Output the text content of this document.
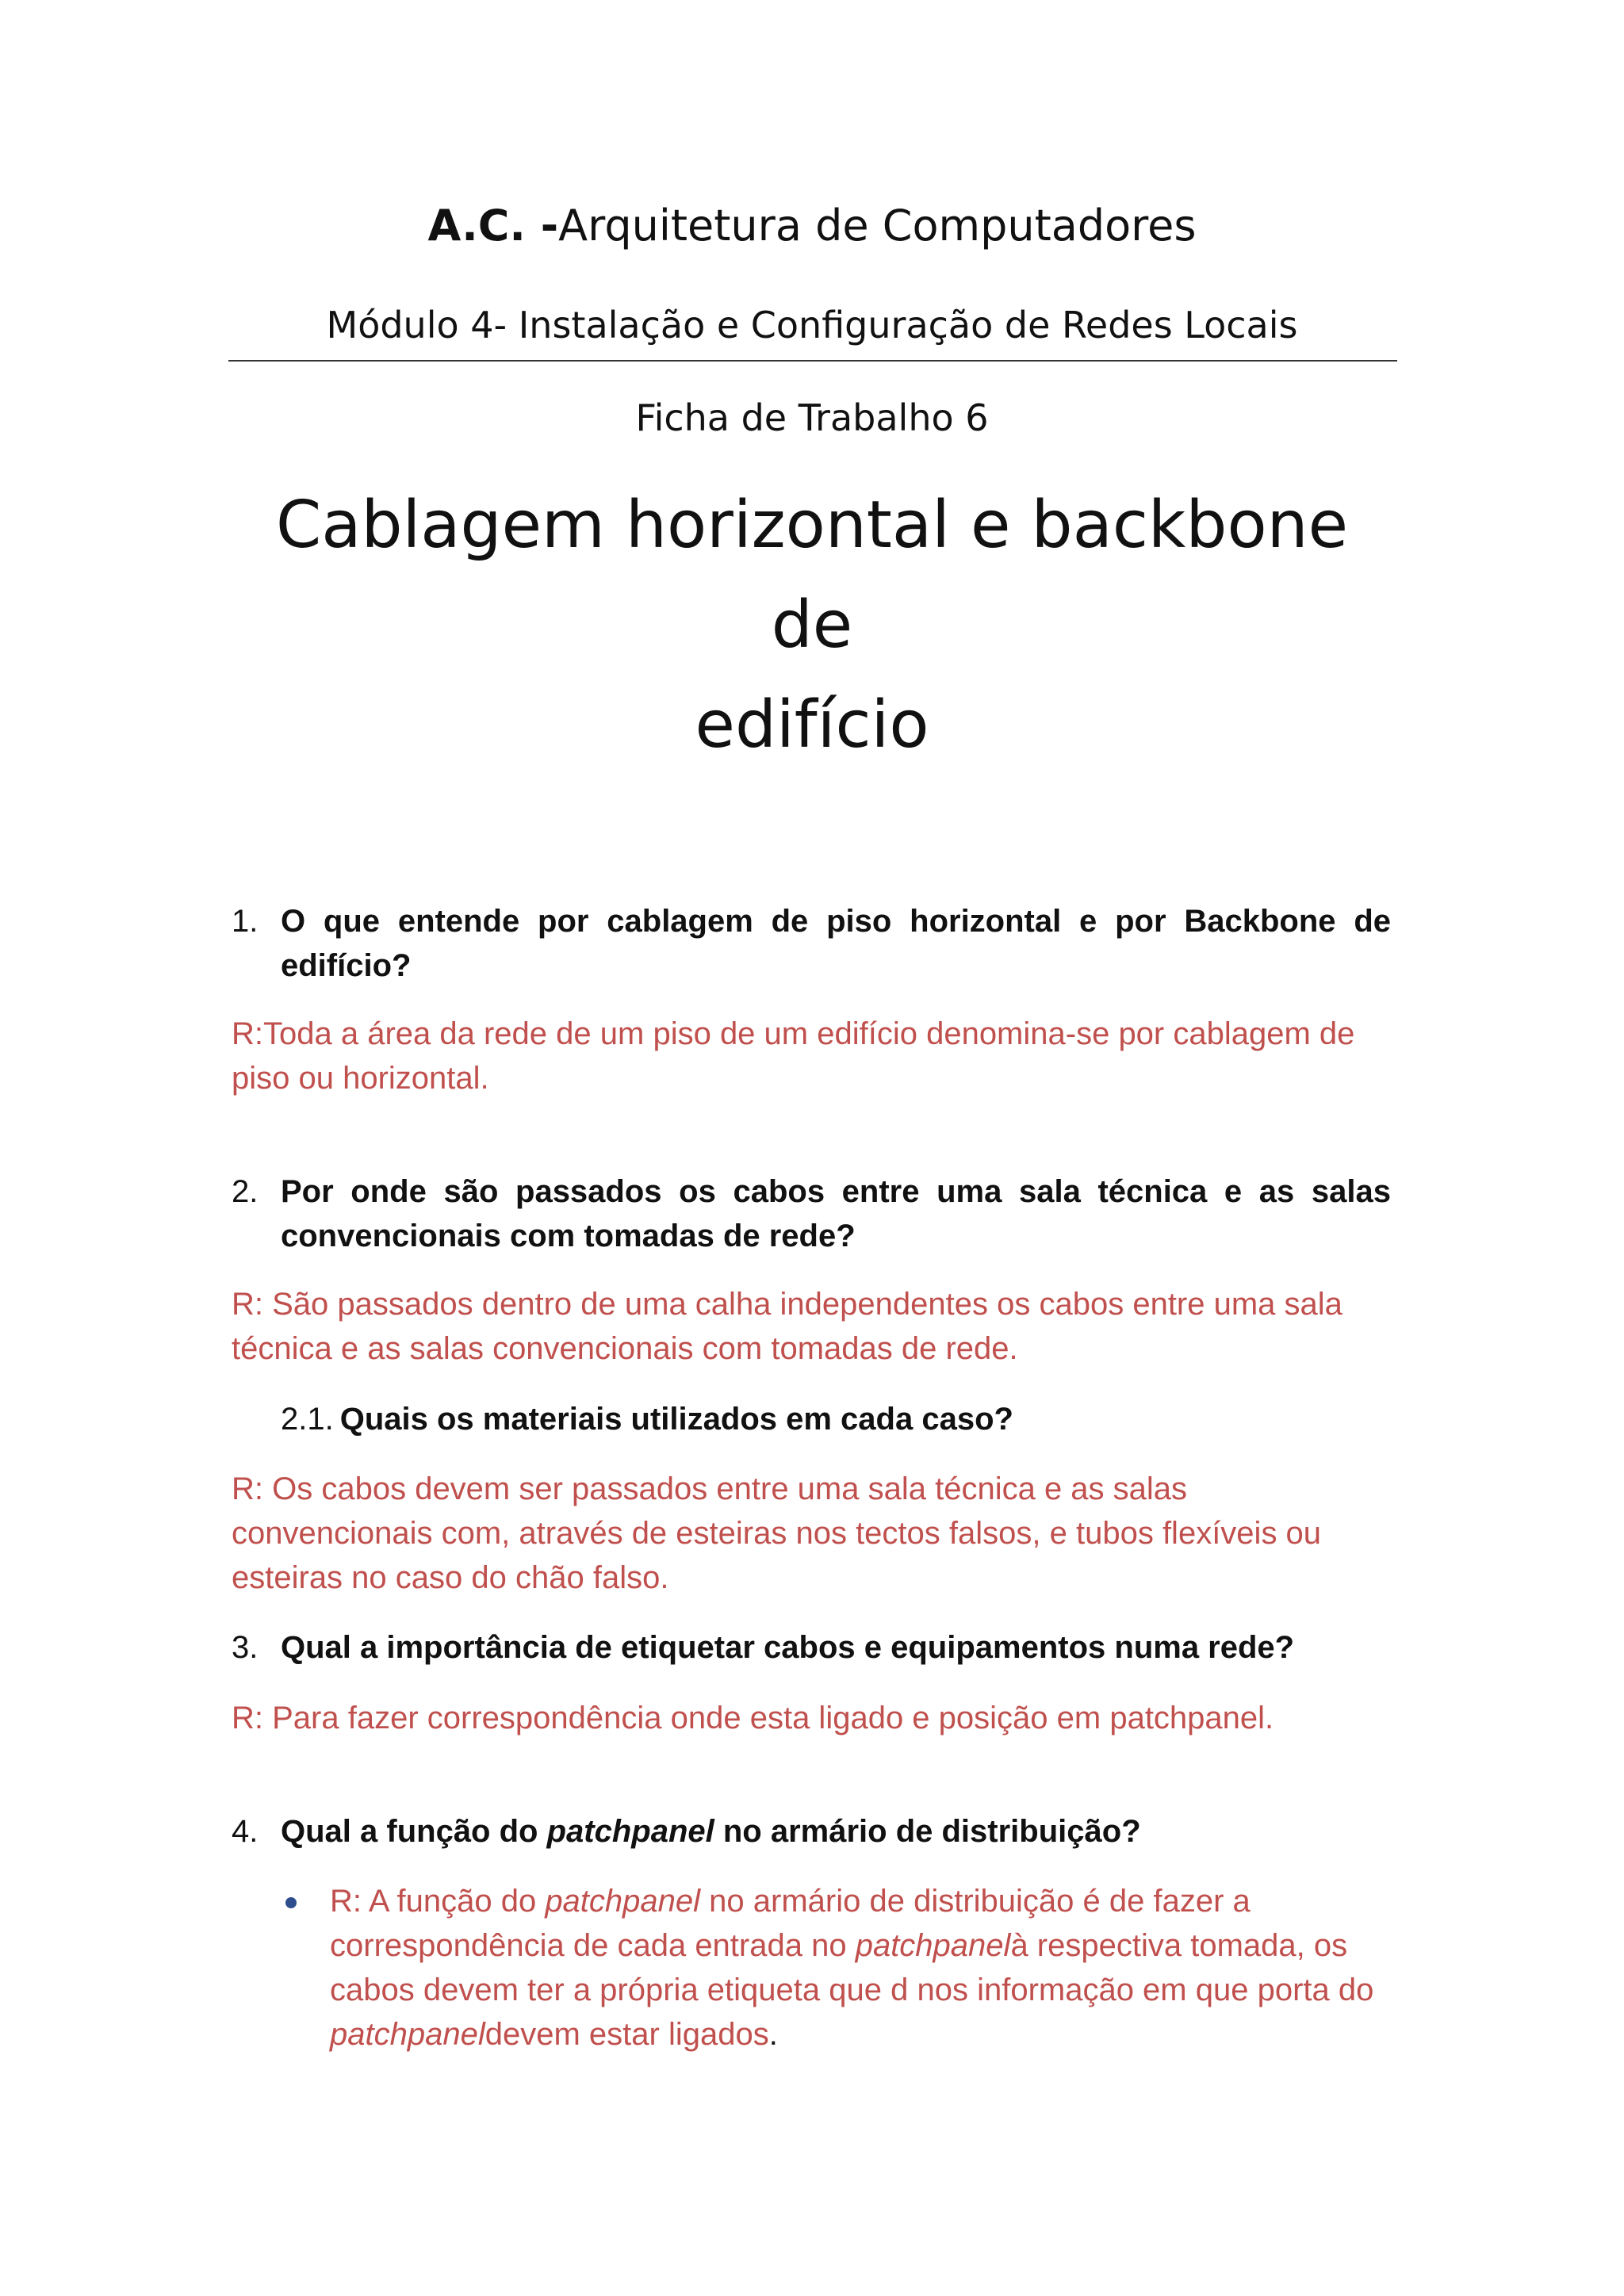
A.C. -Arquitetura de Computadores
Módulo 4- Instalação e Configuração de Redes Locais
Ficha de Trabalho 6
Cablagem horizontal e backbone de
edifício
1. O que entende por cablagem de piso horizontal e por Backbone de edifício?
R:Toda a área da rede de um piso de um edifício denomina-se por cablagem de piso ou horizontal.
2. Por onde são passados os cabos entre uma sala técnica e as salas convencionais com tomadas de rede?
R: São passados dentro de uma calha independentes os cabos entre uma sala técnica e as salas convencionais com tomadas de rede.
2.1. Quais os materiais utilizados em cada caso?
R: Os cabos devem ser passados entre uma sala técnica e as salas convencionais com, através de esteiras nos tectos falsos, e tubos flexíveis ou esteiras no caso do chão falso.
3. Qual a importância de etiquetar cabos e equipamentos numa rede?
R: Para fazer correspondência onde esta ligado e posição em patchpanel.
4. Qual a função do patchpanel no armário de distribuição?
R: A função do patchpanel no armário de distribuição é de fazer a correspondência de cada entrada no patchpanelà respectiva tomada, os cabos devem ter a própria etiqueta que d nos informação em que porta do patchpaneldevem estar ligados.
